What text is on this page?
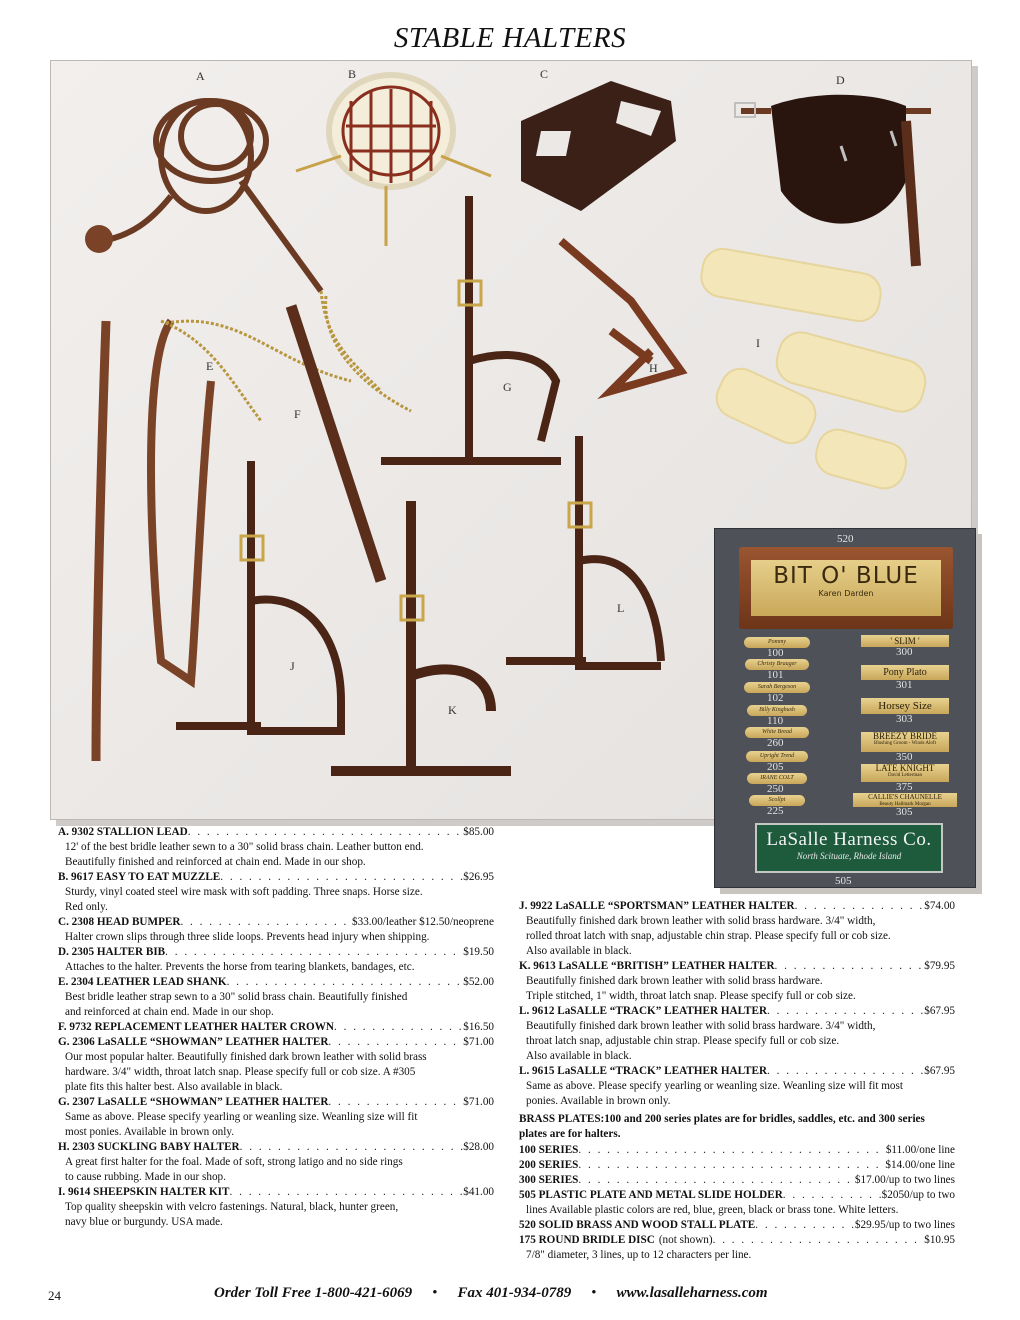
STABLE HALTERS
A	B	C	D
E
F
G
H
I
J
K
L
520
BIT O' BLUE
Karen Darden
Pommy
100
Christy Brauger
101
Sarah Bergeson
102
Billy Kingbush
110
White Bread
260
Upright Trend
205
IRANE COLT
250
Scollpt
225
' SLIM '
300
Pony Plato
301
Horsey Size
303
BREEZY BRIDE
Blushing Groom - Winds Aloft
350
LATE KNIGHT
David Letterman
375
CALLIE'S CHAUNELLE
Beauty Hallmark Morgan
305
LaSalle Harness Co.
North Scituate, Rhode Island
505
A. 9302 STALLION LEAD . . .	$85.00
12' of the best bridle leather sewn to a 30" solid brass chain. Leather button end.
Beautifully finished and reinforced at chain end. Made in our shop.
B. 9617 EASY TO EAT MUZZLE . . .	$26.95
Sturdy, vinyl coated steel wire mask with soft padding. Three snaps. Horse size.
Red only.
C. 2308 HEAD BUMPER . . .	$33.00/leather $12.50/neoprene
Halter crown slips through three slide loops. Prevents head injury when shipping.
D. 2305 HALTER BIB . . .	$19.50
Attaches to the halter. Prevents the horse from tearing blankets, bandages, etc.
E. 2304 LEATHER LEAD SHANK . . .	$52.00
Best bridle leather strap sewn to a 30" solid brass chain. Beautifully finished
and reinforced at chain end. Made in our shop.
F. 9732 REPLACEMENT LEATHER HALTER CROWN . . .	$16.50
G. 2306 LaSALLE “SHOWMAN” LEATHER HALTER . . .	$71.00
Our most popular halter. Beautifully finished dark brown leather with solid brass
hardware. 3/4" width, throat latch snap. Please specify full or cob size. A #305
plate fits this halter best. Also available in black.
G. 2307 LaSALLE “SHOWMAN” LEATHER HALTER . . .	$71.00
Same as above. Please specify yearling or weanling size. Weanling size will fit
most ponies. Available in brown only.
H. 2303 SUCKLING BABY HALTER . . .	$28.00
A great first halter for the foal. Made of soft, strong latigo and no side rings
to cause rubbing. Made in our shop.
I. 9614 SHEEPSKIN HALTER KIT . . .	$41.00
Top quality sheepskin with velcro fastenings. Natural, black, hunter green,
navy blue or burgundy. USA made.
J. 9922 LaSALLE “SPORTSMAN” LEATHER HALTER . . .	$74.00
Beautifully finished dark brown leather with solid brass hardware. 3/4" width,
rolled throat latch with snap, adjustable chin strap. Please specify full or cob size.
Also available in black.
K. 9613 LaSALLE “BRITISH” LEATHER HALTER . . .	$79.95
Beautifully finished dark brown leather with solid brass hardware.
Triple stitched, 1" width, throat latch snap. Please specify full or cob size.
L. 9612 LaSALLE “TRACK” LEATHER HALTER . . .	$67.95
Beautifully finished dark brown leather with solid brass hardware. 3/4" width,
throat latch snap, adjustable chin strap. Please specify full or cob size.
Also available in black.
L. 9615 LaSALLE “TRACK” LEATHER HALTER . . .	$67.95
Same as above. Please specify yearling or weanling size. Weanling size will fit most
ponies. Available in brown only.
BRASS PLATES:100 and 200 series plates are for bridles, saddles, etc. and 300 series plates are for halters.
100 SERIES . . .	$11.00/one line
200 SERIES . . .	$14.00/one line
300 SERIES . . .	$17.00/up to two lines
505 PLASTIC PLATE AND METAL SLIDE HOLDER . . .	$2050/up to two
lines Available plastic colors are red, blue, green, black or brass tone. White letters.
520 SOLID BRASS AND WOOD STALL PLATE . . .	$29.95/up to two lines
175 ROUND BRIDLE DISC (not shown) . . .	$10.95
7/8" diameter, 3 lines, up to 12 characters per line.
24	Order Toll Free 1-800-421-6069 • Fax 401-934-0789 • www.lasalleharness.com
